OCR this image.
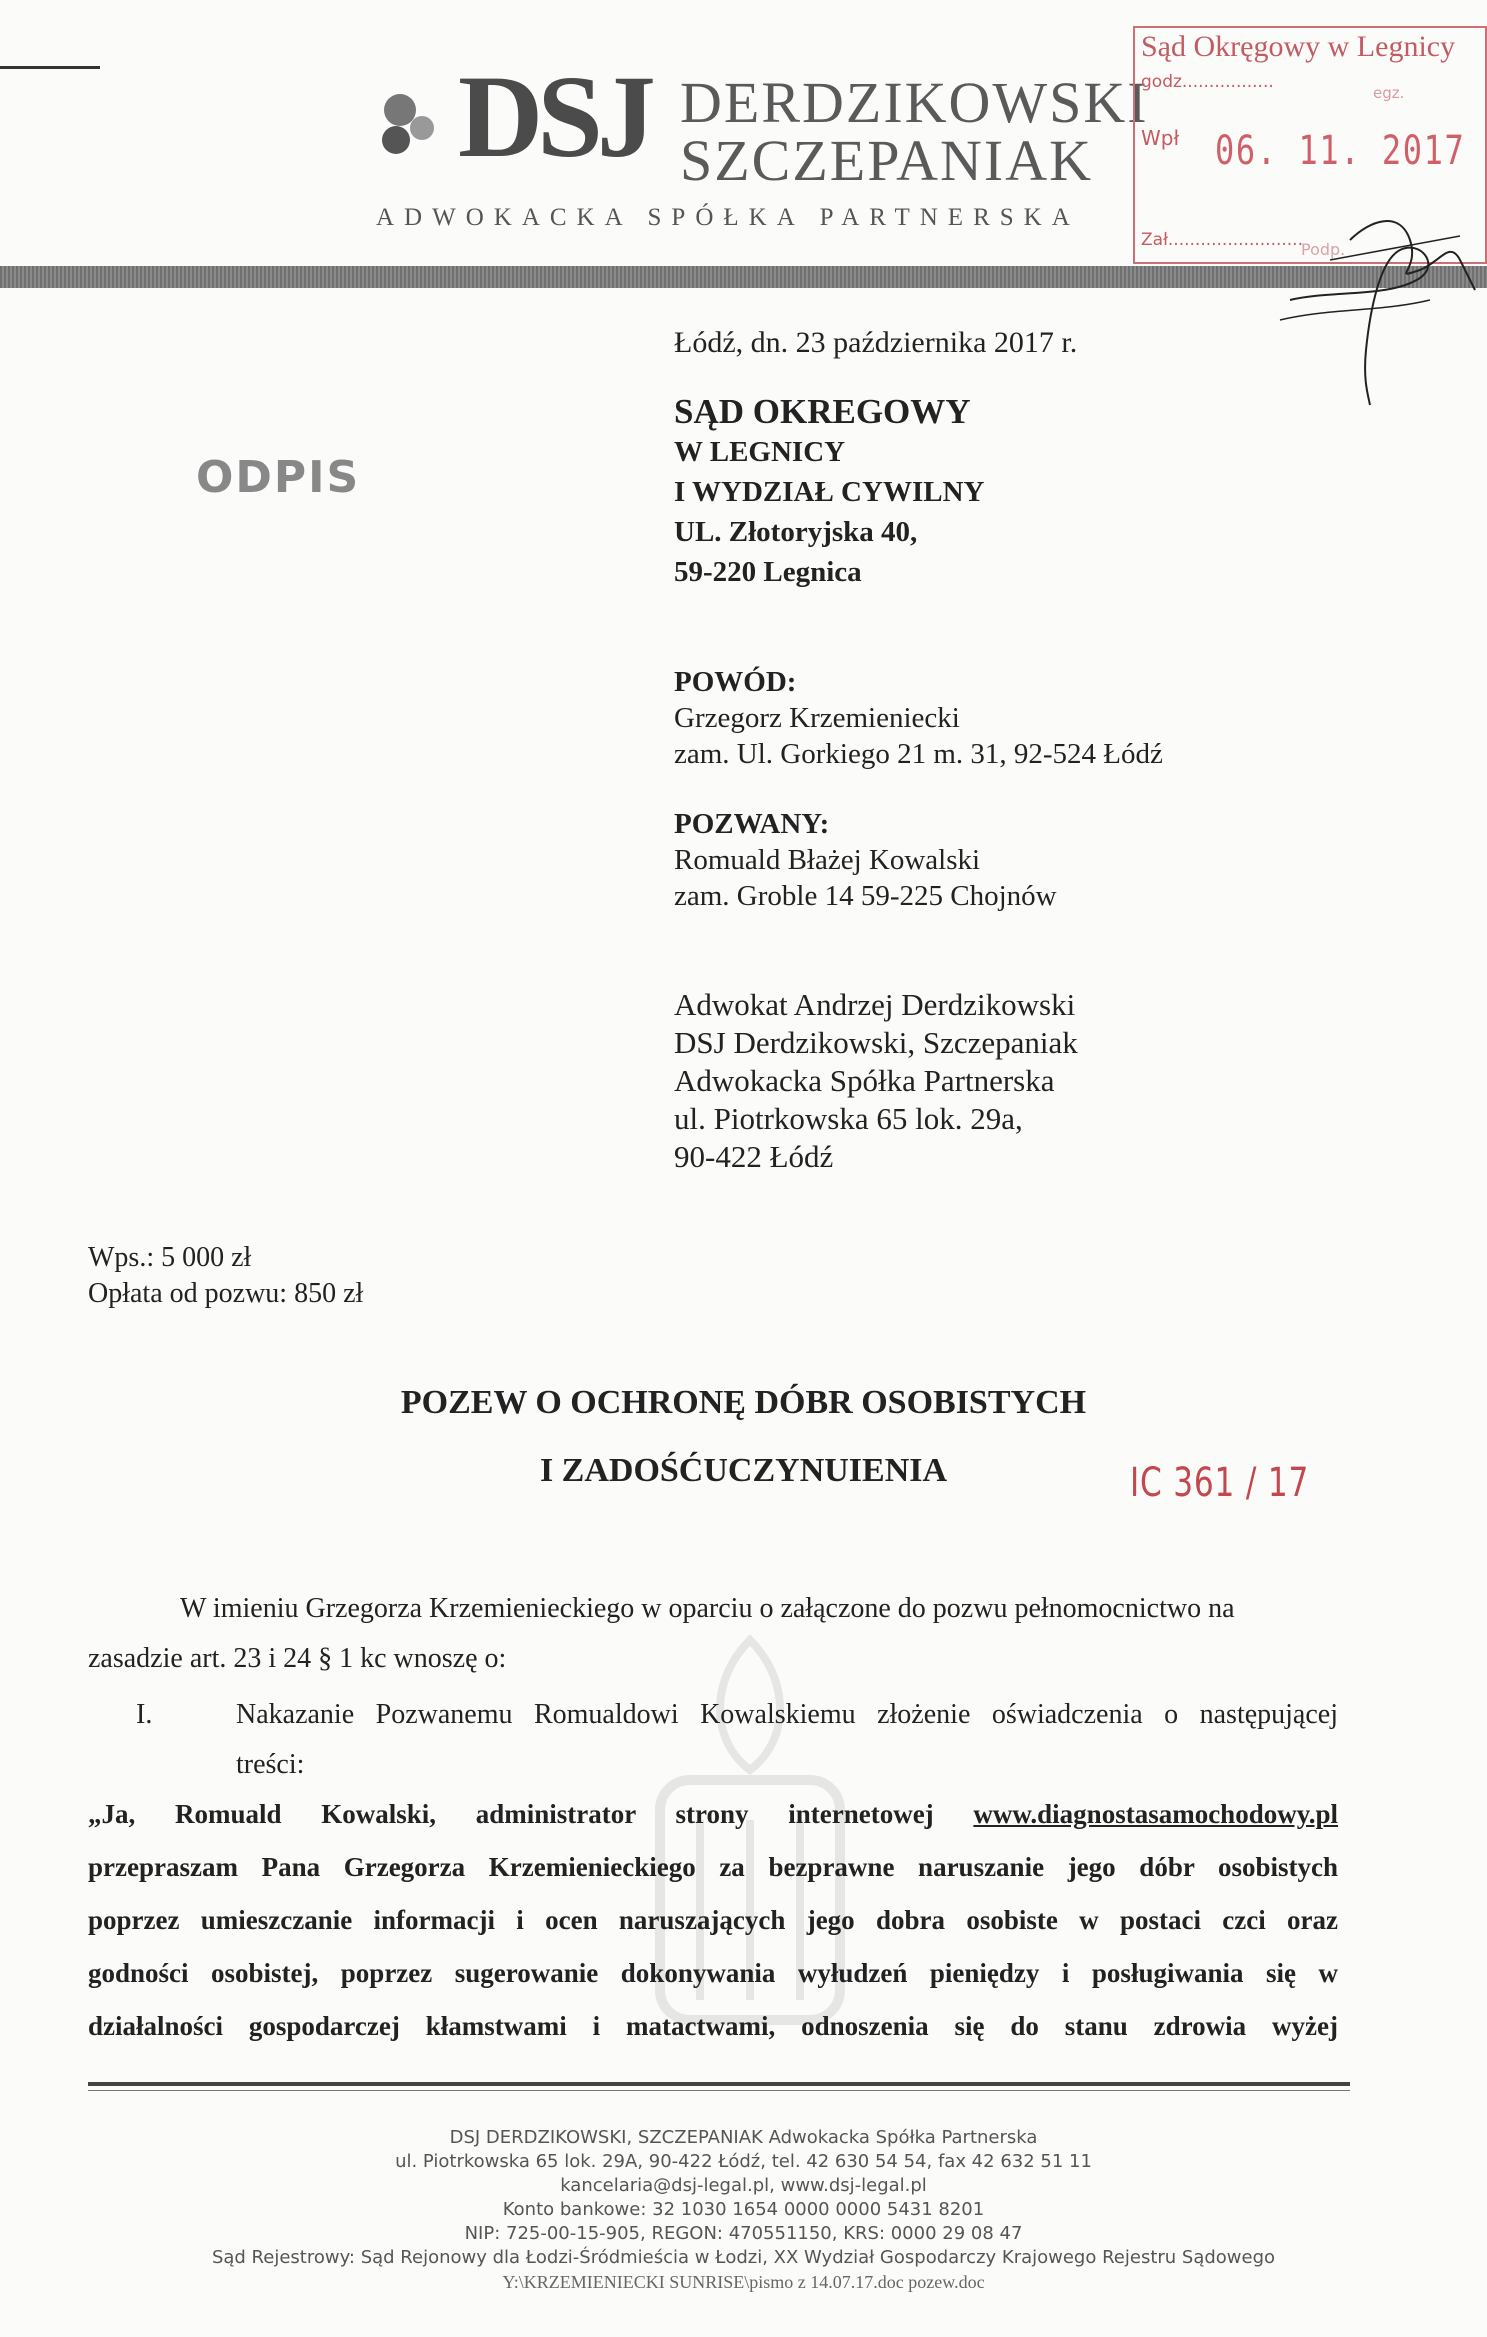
DSJ DERDZIKOWSKI
SZCZEPANIAK
ADWOKACKA SPÓŁKA PARTNERSKA
Sąd Okręgowy w Legnicy
godz.................
egz.
Wpł 06. 11. 2017
Zał.........................
Podp.
ODPIS
Łódź, dn. 23 października 2017 r.
SĄD OKREGOWY
W LEGNICY
I WYDZIAŁ CYWILNY
UL. Złotoryjska 40,
59-220 Legnica
POWÓD:
Grzegorz Krzemieniecki
zam. Ul. Gorkiego 21 m. 31, 92-524 Łódź
POZWANY:
Romuald Błażej Kowalski
zam. Groble 14 59-225 Chojnów
Adwokat Andrzej Derdzikowski
DSJ Derdzikowski, Szczepaniak
Adwokacka Spółka Partnerska
ul. Piotrkowska 65 lok. 29a,
90-422 Łódź
Wps.: 5 000 zł
Opłata od pozwu: 850 zł
POZEW O OCHRONĘ DÓBR OSOBISTYCH
I ZADOŚĆUCZYNUIENIA	IC 361 / 17
W imieniu Grzegorza Krzemienieckiego w oparciu o załączone do pozwu pełnomocnictwo na
zasadzie art. 23 i 24 § 1 kc wnoszę o:
I.	Nakazanie Pozwanemu Romualdowi Kowalskiemu złożenie oświadczenia o następującej
treści:

„Ja, Romuald Kowalski, administrator strony internetowej www.diagnostasamochodowy.pl

przepraszam Pana Grzegorza Krzemienieckiego za bezprawne naruszanie jego dóbr osobistych

poprzez umieszczanie informacji i ocen naruszających jego dobra osobiste w postaci czci oraz

godności osobistej, poprzez sugerowanie dokonywania wyłudzeń pieniędzy i posługiwania się w

działalności gospodarczej kłamstwami i matactwami, odnoszenia się do stanu zdrowia wyżej

DSJ DERDZIKOWSKI, SZCZEPANIAK Adwokacka Spółka Partnerska
ul. Piotrkowska 65 lok. 29A, 90-422 Łódź, tel. 42 630 54 54, fax 42 632 51 11
kancelaria@dsj-legal.pl, www.dsj-legal.pl
Konto bankowe: 32 1030 1654 0000 0000 5431 8201
NIP: 725-00-15-905, REGON: 470551150, KRS: 0000 29 08 47
Sąd Rejestrowy: Sąd Rejonowy dla Łodzi-Śródmieścia w Łodzi, XX Wydział Gospodarczy Krajowego Rejestru Sądowego
Y:\KRZEMIENIECKI SUNRISE\pismo z 14.07.17.doc pozew.doc
